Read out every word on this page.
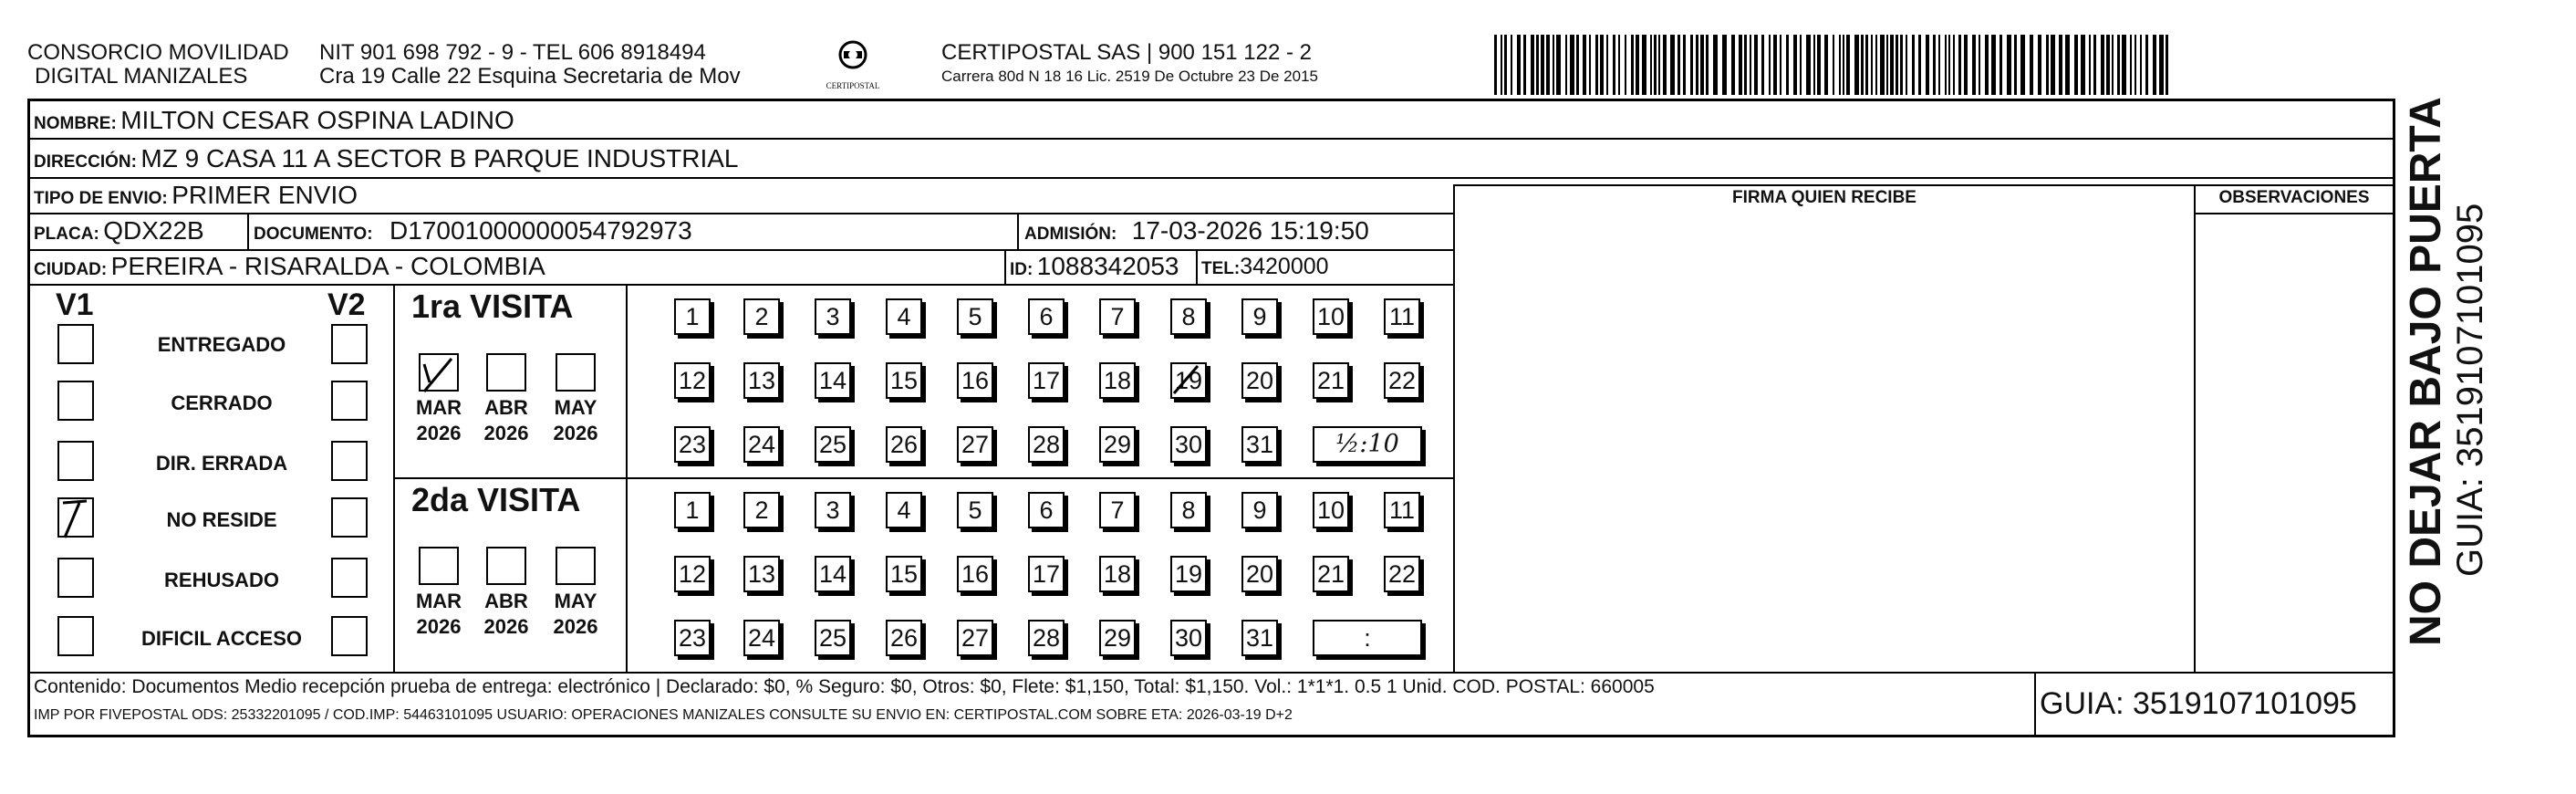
CONSORCIO MOVILIDAD
DIGITAL MANIZALES
NIT 901 698 792 - 9 - TEL 606 8918494
Cra 19 Calle 22 Esquina Secretaria de Mov	CERTIPOSTAL
CERTIPOSTAL SAS | 900 151 122 - 2
Carrera 80d N 18 16 Lic. 2519 De Octubre 23 De 2015
NOMBRE: MILTON CESAR OSPINA LADINO
DIRECCIÓN: MZ 9 CASA 11 A SECTOR B PARQUE INDUSTRIAL
TIPO DE ENVIO: PRIMER ENVIO
PLACA: QDX22B	DOCUMENTO: D17001000000054792973	ADMISIÓN: 17-03-2026 15:19:50
CIUDAD: PEREIRA - RISARALDA - COLOMBIA	ID: 1088342053 TEL:3420000
FIRMA QUIEN RECIBE	OBSERVACIONES
V1	V2
ENTREGADO
CERRADO
DIR. ERRADA
NO RESIDE
REHUSADO
DIFICIL ACCESO
1ra VISITA
MAR
2026
ABR
2026
MAY
2026
1	2	3	4	5	6	7	8	9	10 11
12 13 14 15 16 17 18 19 20 21 22
23 24 25 26 27 28 29 30 31	½:10
2da VISITA
MAR
2026
ABR
2026
MAY
2026
1	2	3	4	5	6	7	8	9	10 11
12 13 14 15 16 17 18 19 20 21 22
23 24 25 26 27 28 29 30 31	:
Contenido: Documentos Medio recepción prueba de entrega: electrónico | Declarado: $0, % Seguro: $0, Otros: $0, Flete: $1,150, Total: $1,150. Vol.: 1*1*1. 0.5 1 Unid. COD. POSTAL: 660005
IMP POR FIVEPOSTAL ODS: 25332201095 / COD.IMP: 54463101095 USUARIO: OPERACIONES MANIZALES CONSULTE SU ENVIO EN: CERTIPOSTAL.COM SOBRE ETA: 2026-03-19 D+2	GUIA: 3519107101095
NO DEJAR BAJO PUERTA GUIA: 3519107101095
